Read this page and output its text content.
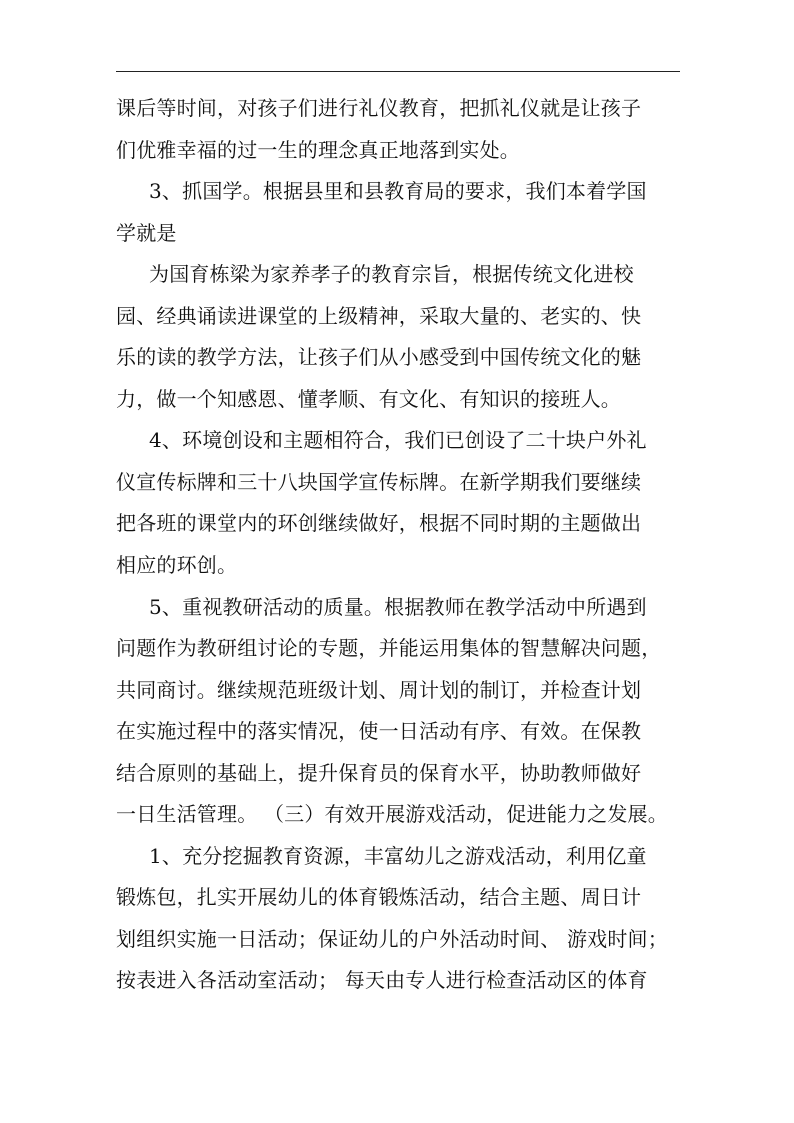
课后等时间，对孩子们进行礼仪教育，把抓礼仪就是让孩子
们优雅幸福的过一生的理念真正地落到实处。
3、抓国学。根据县里和县教育局的要求，我们本着学国
学就是
为国育栋梁为家养孝子的教育宗旨，根据传统文化进校
园、经典诵读进课堂的上级精神，采取大量的、老实的、快
乐的读的教学方法，让孩子们从小感受到中国传统文化的魅
力，做一个知感恩、懂孝顺、有文化、有知识的接班人。
4、环境创设和主题相符合，我们已创设了二十块户外礼
仪宣传标牌和三十八块国学宣传标牌。在新学期我们要继续
把各班的课堂内的环创继续做好，根据不同时期的主题做出
相应的环创。
5、重视教研活动的质量。根据教师在教学活动中所遇到
问题作为教研组讨论的专题，并能运用集体的智慧解决问题，
共同商讨。继续规范班级计划、周计划的制订，并检查计划
在实施过程中的落实情况，使一日活动有序、有效。在保教
结合原则的基础上，提升保育员的保育水平，协助教师做好
一日生活管理。 （三）有效开展游戏活动，促进能力之发展。
1、充分挖掘教育资源，丰富幼儿之游戏活动，利用亿童
锻炼包，扎实开展幼儿的体育锻炼活动，结合主题、周日计
划组织实施一日活动；保证幼儿的户外活动时间、 游戏时间；
按表进入各活动室活动； 每天由专人进行检查活动区的体育
